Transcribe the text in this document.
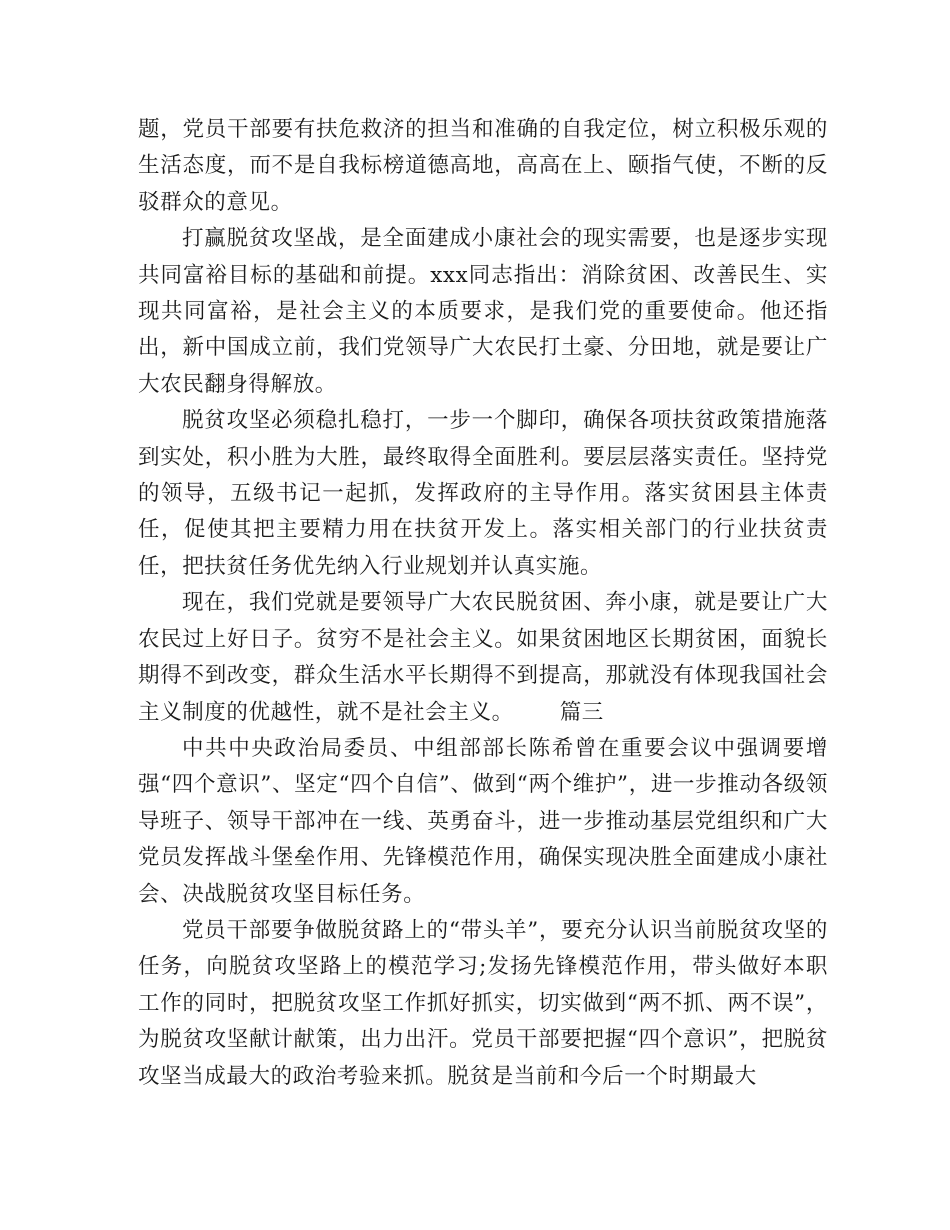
题，党员干部要有扶危救济的担当和准确的自我定位，树立积极乐观的生活态度，而不是自我标榜道德高地，高高在上、颐指气使，不断的反驳群众的意见。

打赢脱贫攻坚战，是全面建成小康社会的现实需要，也是逐步实现共同富裕目标的基础和前提。xxx同志指出：消除贫困、改善民生、实现共同富裕，是社会主义的本质要求，是我们党的重要使命。他还指出，新中国成立前，我们党领导广大农民打土豪、分田地，就是要让广大农民翻身得解放。

脱贫攻坚必须稳扎稳打，一步一个脚印，确保各项扶贫政策措施落到实处，积小胜为大胜，最终取得全面胜利。要层层落实责任。坚持党的领导，五级书记一起抓，发挥政府的主导作用。落实贫困县主体责任，促使其把主要精力用在扶贫开发上。落实相关部门的行业扶贫责任，把扶贫任务优先纳入行业规划并认真实施。

现在，我们党就是要领导广大农民脱贫困、奔小康，就是要让广大农民过上好日子。贫穷不是社会主义。如果贫困地区长期贫困，面貌长期得不到改变，群众生活水平长期得不到提高，那就没有体现我国社会主义制度的优越性，就不是社会主义。 篇三

中共中央政治局委员、中组部部长陈希曾在重要会议中强调要增强“四个意识”、坚定“四个自信”、做到“两个维护”，进一步推动各级领导班子、领导干部冲在一线、英勇奋斗，进一步推动基层党组织和广大党员发挥战斗堡垒作用、先锋模范作用，确保实现决胜全面建成小康社会、决战脱贫攻坚目标任务。

党员干部要争做脱贫路上的“带头羊”，要充分认识当前脱贫攻坚的任务，向脱贫攻坚路上的模范学习;发扬先锋模范作用，带头做好本职工作的同时，把脱贫攻坚工作抓好抓实，切实做到“两不抓、两不误”，为脱贫攻坚献计献策，出力出汗。党员干部要把握“四个意识”，把脱贫攻坚当成最大的政治考验来抓。脱贫是当前和今后一个时期最大
